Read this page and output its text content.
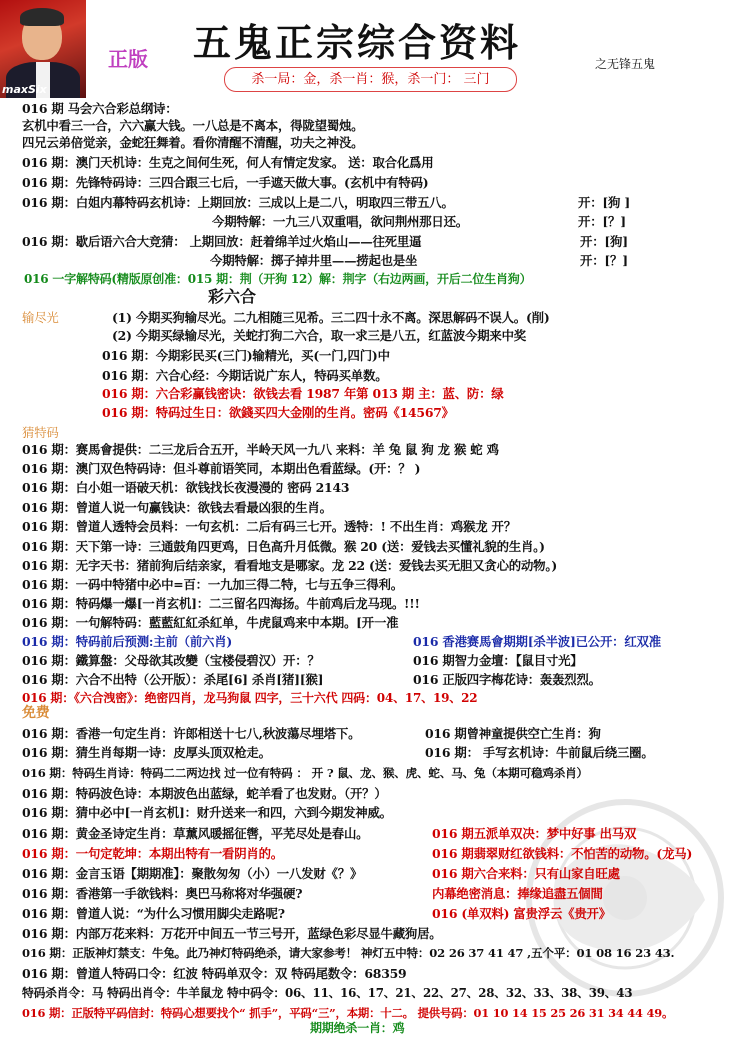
maxSix
正版 五鬼正宗综合资料	之无锋五鬼
杀一局：金，杀一肖：猴，杀一门： 三门
016 期 马会六合彩总纲诗：
玄机中看三一合，六六赢大钱。一八总是不离本，得陇望蜀烛。
四兄云弟倍觉亲，金蛇狂舞着。看你清醒不清醒，功夫之神没。
016 期：澳门天机诗：生克之间何生死，何人有情定发家。 送：取合化爲用
016 期：先锋特码诗：三四合跟三七后，一手遮天做大事。(玄机中有特码)
016 期：白姐内幕特码玄机诗：上期回放：三成以上是二八，明取四三带五八。	开：[狗 ]
今期特解：一九三八双重唱，欲问荆州那日还。	开：[？]
016 期：歇后语六合大竞猜： 上期回放：赶着绵羊过火焰山——往死里逼	开：[狗]
今期特解：掷子掉井里——捞起也是坐	开：[？]
016 一字解特码(精版原创准：015 期：荆（开狗 12）解：荆字（右边两画，开后二位生肖狗）
彩六合
输尽光	(1) 今期买狗输尽光。二九相随三见希。三二四十永不离。深思解码不误人。(削)
(2) 今期买绿输尽光，关蛇打狗二六合，取一求三是八五，红蓝波今期来中奖
016 期：今期彩民买(三门)输精光，买(一门,四门)中
016 期：六合心经：今期话说广东人，特码买单数。
016 期：六合彩赢钱密诀：欲钱去看 1987 年第 013 期 主：蓝、防：绿
016 期：特码过生日：欲錢买四大金刚的生肖。密码《14567》
猜特码
016 期：赛馬會提供：二三龙后合五开，半岭天风一九八 来料：羊 兔 鼠 狗 龙 猴 蛇 鸡
016 期：澳门双色特码诗：但斗尊前语笑同，本期出色看蓝绿。(开：？ )
016 期：白小姐一语破天机：欲钱找长夜漫漫的 密码 2143
016 期：曾道人说一句赢钱诀：欲钱去看最凶狠的生肖。
016 期：曾道人透特会员料：一句玄机：二后有码三七开。透特：! 不出生肖：鸡猴龙 开？
016 期：天下第一诗：三通鼓角四更鸡，日色高升月低微。猴 20 (送：爱钱去买懂礼貌的生肖。)
016 期：无字天书：猪前狗后结亲家，看看地支是哪家。龙 22 (送：爱钱去买无胆又贪心的动物。)
016 期：一码中特猪中必中=百：一九加三得二特，七与五争三得利。
016 期：特码爆一爆[一肖玄机]：二三留名四海扬。牛前鸡后龙马现。!!!
016 期：一句解特码：藍藍紅紅杀紅单，牛虎鼠鸡来中本期。[开一准
016 期：特码前后预测:主前（前六肖)	016 香港赛馬會期期[杀半波]已公开：红双准
016 期：鐵算盤：父母欲其改變（宝楼侵碧汉）开：？	016 期智力金壇：【鼠目寸光】
016 期：六合不出特（公开版）：杀尾[6] 杀肖[猪][猴]	016 正版四字梅花诗：轰轰烈烈。
016 期：《六合洩密》：绝密四肖，龙马狗鼠 四字，三十六代 四码：04、17、19、22
免费
016 期：香港一句定生肖：许郎相送十七八,秋波蕩尽埋塔下。	016 期曾神童提供空亡生肖：狗
016 期：猜生肖每期一诗：皮厚头顶双枪走。	016 期： 手写玄机诗：牛前鼠后绕三圈。
016 期：特码生肖诗：特码二二两边找 过一位有特码 ： 开 ? 鼠、龙、猴、虎、蛇、马、兔（本期可稳鸡杀肖）
016 期：特码波色诗：本期波色出蓝绿，蛇羊看了也发财。（开？）
016 期：猜中必中[一肖玄机]：财升送来一和四，六到今期发神威。
016 期：黄金圣诗定生肖：草薰风暖摇征辔，平芜尽处是春山。	016 期五派单双决：梦中好事 出马双
016 期：一句定乾坤：本期出特有一看阴肖的。	016 期翡翠财红欲钱料：不怕苦的动物。(龙马)
016 期：金言玉语【期期准】：聚散匆匆（小）一八发财《？》	016 期六合来料：只有山家自旺處
016 期：香港第一手欲钱料：奥巴马称将对华强硬?	内幕绝密消息：捧缘追盡五個間
016 期：曾道人说：“为什么习惯用脚尖走路呢?	016 (单双料) 富贵浮云《贵开》
016 期：内部万花来料：万花开中间五一节三号开，蓝绿色彩尽显牛藏狗居。
016 期：正版神灯禁支：牛兔。此乃神灯特码绝杀，请大家参考！ 神灯五中特：02 26 37 41 47 ,五个平：01 08 16 23 43.
016 期：曾道人特码口令：红波 特码单双令：双 特码尾数令：68359
特码杀肖令：马 特码出肖令：牛羊鼠龙 特中码令：06、11、16、17、21、22、27、28、32、33、38、39、43
016 期：正版特平码信封：特码心想要找个“ 抓手”，平码“三”，本期：十二。 提供号码：01 10 14 15 25 26 31 34 44 49。
期期绝杀一肖：鸡
